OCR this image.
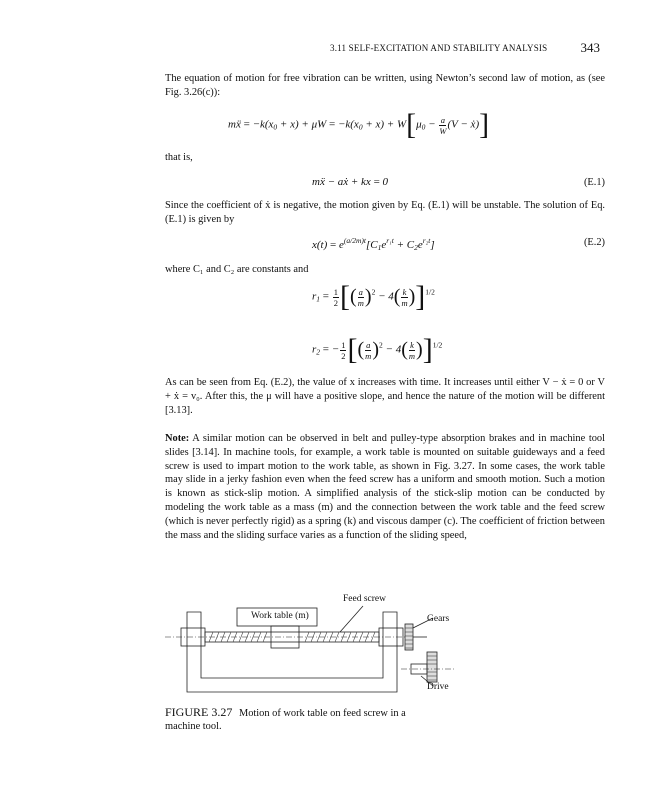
3.11 SELF-EXCITATION AND STABILITY ANALYSIS	343
The equation of motion for free vibration can be written, using Newton’s second law of motion, as (see Fig. 3.26(c)):
mẍ = $-k(x_0 + x) + \mu W = -k(x_0 + x) + W[\mu_0 - \frac{a}{W} (V$ − ẋ)]
that is,
mẍ − aẋ + kx = 0	(E.1)
Since the coefficient of ẋ is negative, the motion given by Eq. (E.1) will be unstable. The solution of Eq. (E.1) is given by
$x(t) = e^{(a/2m)t}[C_1e^{r_1t} + C_2e^{r_2t}]$	(E.2)
where C₁ and C₂ are constants and
$r_1 = \frac{1}{2}$ [( $\frac{a}{m} )^2 - 4( \frac{k}{m} )]^{1/2}$
$r_2$ = − $\frac{1}{2}$ [( $\frac{a}{m} )^2 - 4( \frac{k}{m} )]^{1/2}$
As can be seen from Eq. (E.2), the value of x increases with time. It increases until either V − ẋ = 0 or V + ẋ = v₀. After this, the μ will have a positive slope, and hence the nature of the motion will be different [3.13].
Note: A similar motion can be observed in belt and pulley-type absorption brakes and in machine tool slides [3.14]. In machine tools, for example, a work table is mounted on suitable guideways and a feed screw is used to impart motion to the work table, as shown in Fig. 3.27. In some cases, the work table may slide in a jerky fashion even when the feed screw has a uniform and smooth motion. Such a motion is known as stick-slip motion. A simplified analysis of the stick-slip motion can be conducted by modeling the work table as a mass (m) and the connection between the work table and the feed screw (which is never perfectly rigid) as a spring (k) and viscous damper (c). The coefficient of friction between the mass and the sliding surface varies as a function of the sliding speed,
Feed screw
Work table (m)	Gears
Drive
FIGURE 3.27 Motion of work table on feed screw in a machine tool.
